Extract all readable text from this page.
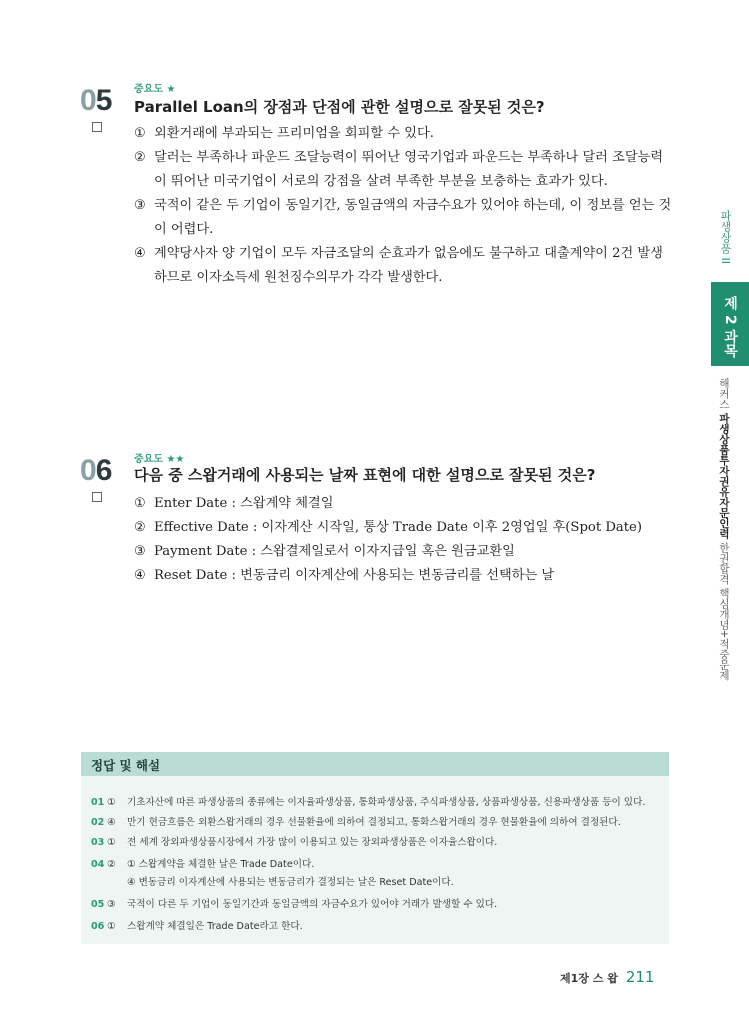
05 중요도 ★
Parallel Loan의 장점과 단점에 관한 설명으로 잘못된 것은?
① 외환거래에 부과되는 프리미엄을 회피할 수 있다.
② 달러는 부족하나 파운드 조달능력이 뛰어난 영국기업과 파운드는 부족하나 달러 조달능력이 뛰어난 미국기업이 서로의 강점을 살려 부족한 부분을 보충하는 효과가 있다.
③ 국적이 같은 두 기업이 동일기간, 동일금액의 자금수요가 있어야 하는데, 이 정보를 얻는 것이 어렵다.
④ 계약당사자 양 기업이 모두 자금조달의 순효과가 없음에도 불구하고 대출계약이 2건 발생하므로 이자소득세 원천징수의무가 각각 발생한다.
06 중요도 ★★
다음 중 스왑거래에 사용되는 날짜 표현에 대한 설명으로 잘못된 것은?
① Enter Date : 스왑계약 체결일
② Effective Date : 이자계산 시작일, 통상 Trade Date 이후 2영업일 후(Spot Date)
③ Payment Date : 스왑결제일로서 이자지급일 혹은 원금교환일
④ Reset Date : 변동금리 이자계산에 사용되는 변동금리를 선택하는 날
파생상품 II
제 2 과목
해커스 파생상품투자권유자문인력 한권합격 핵심개념+적중문제
정답 및 해설
01 ① 기초자산에 따른 파생상품의 종류에는 이자율파생상품, 통화파생상품, 주식파생상품, 상품파생상품, 신용파생상품 등이 있다.
02 ④ 만기 현금흐름은 외환스왑거래의 경우 선물환율에 의하여 결정되고, 통화스왑거래의 경우 현물환율에 의하여 결정된다.
03 ① 전 세계 장외파생상품시장에서 가장 많이 이용되고 있는 장외파생상품은 이자율스왑이다.
04 ② ① 스왑계약을 체결한 날은 Trade Date이다.
④ 변동금리 이자계산에 사용되는 변동금리가 결정되는 날은 Reset Date이다.
05 ③ 국적이 다른 두 기업이 동일기간과 동일금액의 자금수요가 있어야 거래가 발생할 수 있다.
06 ① 스왑계약 체결일은 Trade Date라고 한다.
제1장 스 왑 211
